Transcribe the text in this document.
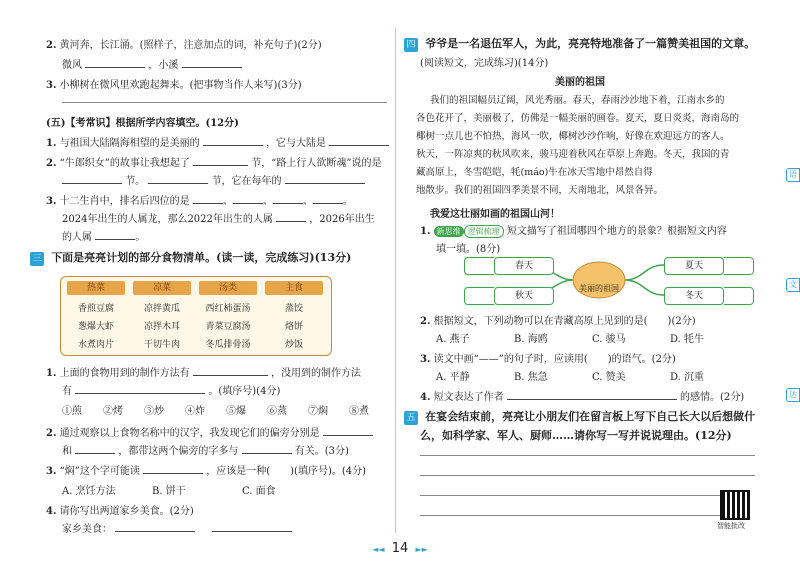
2. 黄河奔，长江涌。(照样子，注意加点的词，补充句子)(2分)
微风	，小溪
3. 小柳树在微风里欢跑起舞来。(把事物当作人来写)(3分)
(五)【考常识】根据所学内容填空。(12分)
1. 与祖国大陆隔海相望的是美丽的	，它与大陆是
2. “牛郎织女”的故事让我想起了	节，“路上行人欲断魂”说的是
节。	节，它在每年的
3. 十二生肖中，排名后四位的是	、	、	、	。
2024年出生的人属龙，那么2022年出生的人属	，2026年出生
的人属	。
三 下面是亮亮计划的部分食物清单。(读一读，完成练习)(13分)
1. 上面的食物用到的制作方法有	，没用到的制作方法
有	。(填序号)(4分)
①煎 ②烤 ③炒 ④炸 ⑤爆 ⑥蒸 ⑦焖 ⑧煮
2. 通过观察以上食物名称中的汉字，我发现它们的偏旁分别是
和	，都带这两个偏旁的字多与	有关。(3分)
3. “焖”这个字可能读	，应该是一种(　　)(填序号)。(4分)
A. 烹饪方法	B. 饼干	C. 面食
4. 请你写出两道家乡美食。(2分)
家乡美食：
热菜	凉菜	汤类	主食
香煎豆腐	凉拌黄瓜	西红柿蛋汤	蒸饺
葱爆大虾	凉拌木耳	青菜豆腐汤	烙饼
水煮肉片	干切牛肉	冬瓜排骨汤	炒饭
四 爷爷是一名退伍军人，为此，亮亮特地准备了一篇赞美祖国的文章。
(阅读短文，完成练习)(14分)
美丽的祖国
我们的祖国幅员辽阔，风光秀丽。春天，春雨沙沙地下着，江南水乡的
各色花开了，美丽极了，仿佛是一幅美丽的画卷。夏天，夏日炎炎，海南岛的
椰树一点儿也不怕热，海风一吹，椰树沙沙作响，好像在欢迎远方的客人。
秋天，一阵凉爽的秋风吹来，骏马迎着秋风在草原上奔跑。冬天，我国的青
藏高原上，冬雪皑皑，牦(máo)牛在冰天雪地中昂然自得
地散步。我们的祖国四季美景不同，天南地北，风景各异。
我爱这壮丽如画的祖国山河！
1. 新思维 逻辑梳理 短文描写了祖国哪四个地方的景象？根据短文内容
填一填。(8分)
春天
秋天
美丽的祖国
夏天
冬天
2. 根据短文，下列动物可以在青藏高原上见到的是(　　)(2分)
A. 燕子	B. 海鸥	C. 骏马	D. 牦牛
3. 读文中画“——”的句子时，应读用(　　)的语气。(2分)
A. 平静	B. 焦急	C. 赞美	D. 沉重
4. 短文表达了作者	的感情。(2分)
五 在宴会结束前，亮亮让小朋友们在留言板上写下自己长大以后想做什
么，如科学家、军人、厨师……请你写一写并说说理由。(12分)
智能批改
语
文
达
◄◄ 14 ►►
